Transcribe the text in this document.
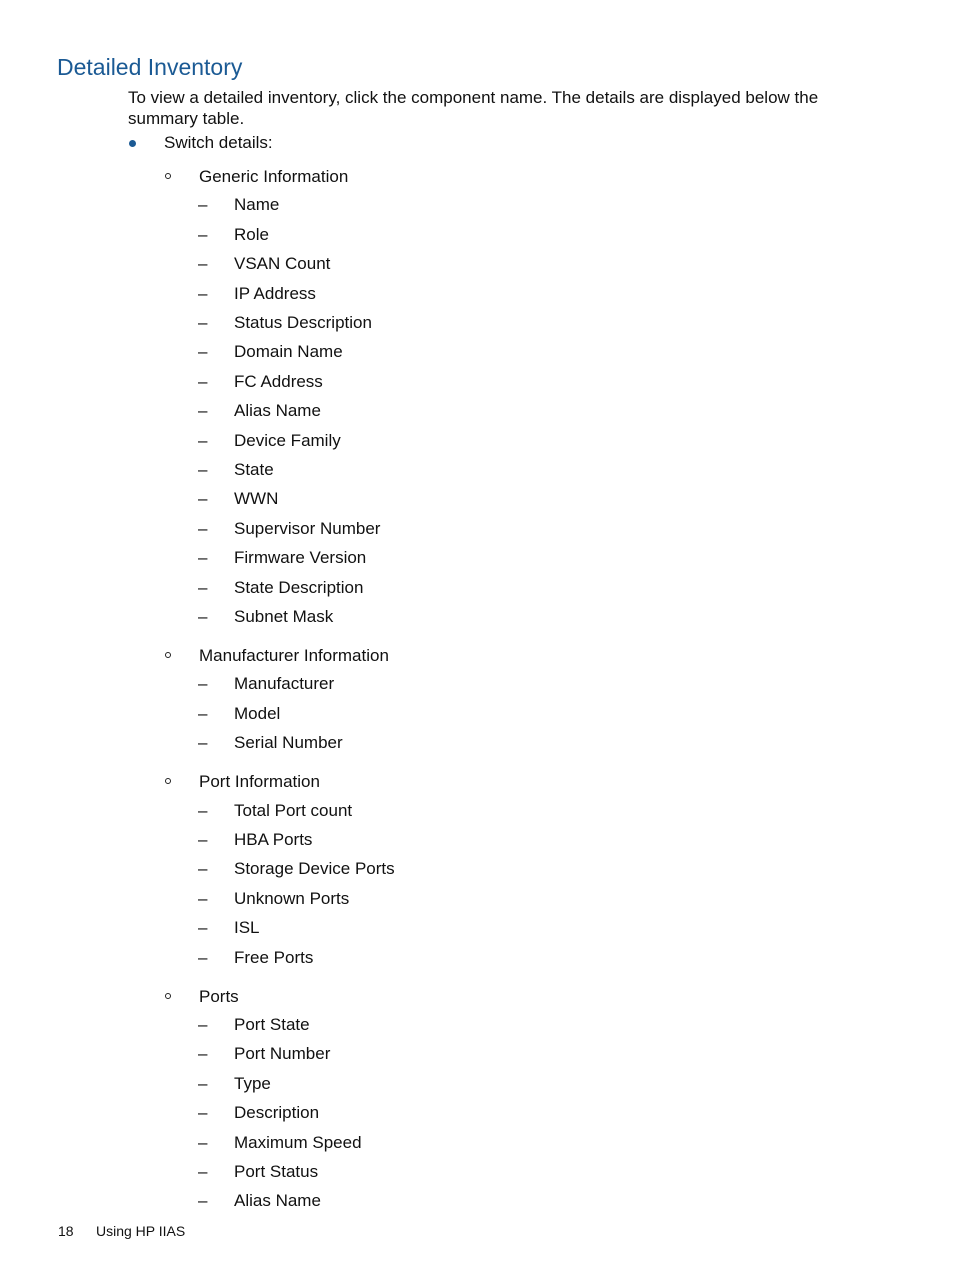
Detailed Inventory

To view a detailed inventory, click the component name. The details are displayed below the summary table.

Switch details:
Generic Information
– Name
– Role
– VSAN Count
– IP Address
– Status Description
– Domain Name
– FC Address
– Alias Name
– Device Family
– State
– WWN
– Supervisor Number
– Firmware Version
– State Description
– Subnet Mask
Manufacturer Information
– Manufacturer
– Model
– Serial Number
Port Information
– Total Port count
– HBA Ports
– Storage Device Ports
– Unknown Ports
– ISL
– Free Ports
Ports
– Port State
– Port Number
– Type
– Description
– Maximum Speed
– Port Status
– Alias Name
18 Using HP IIAS
